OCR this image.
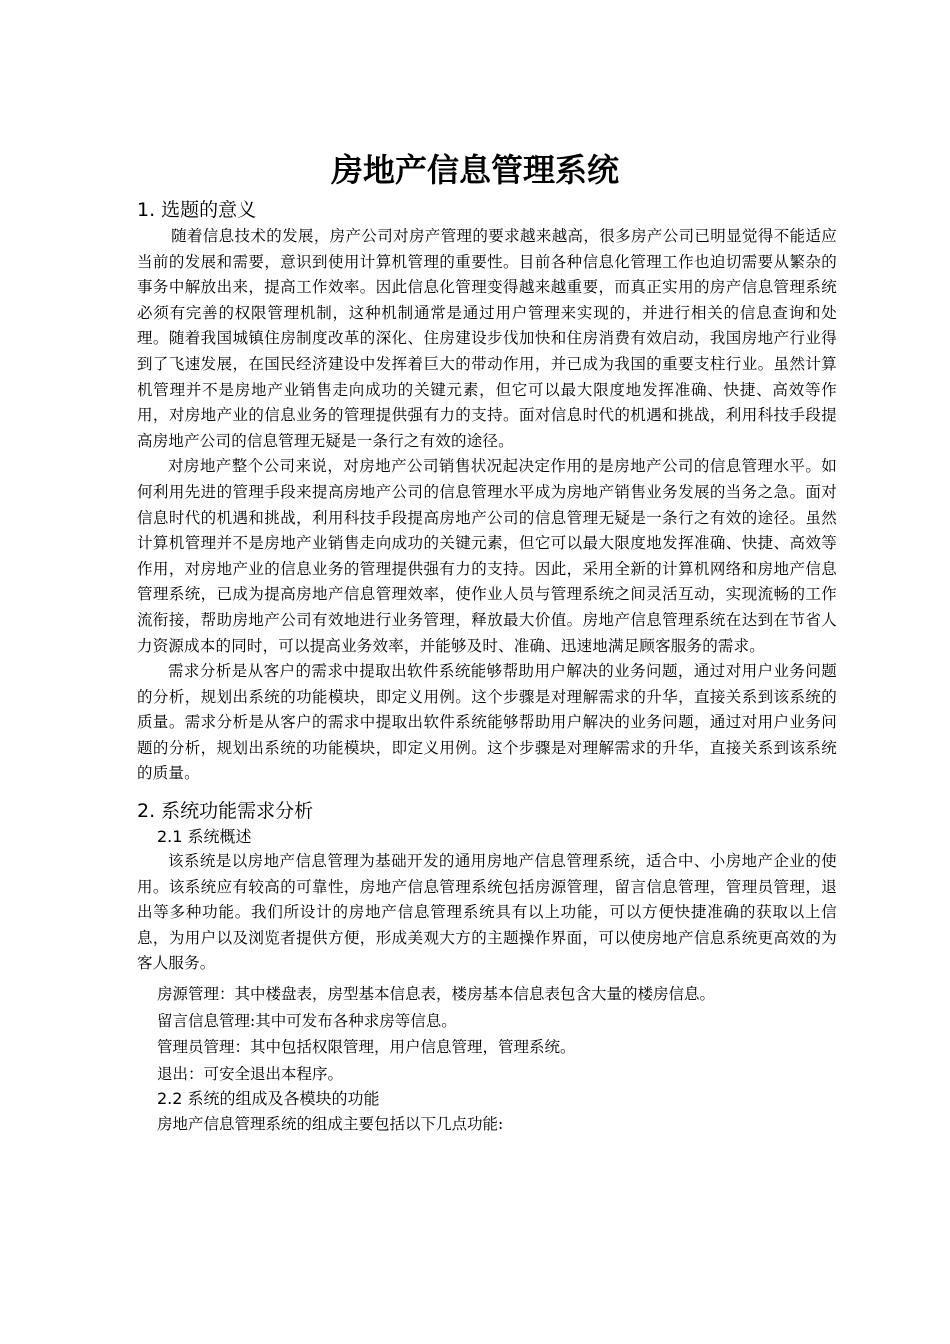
房地产信息管理系统
1. 选题的意义

随着信息技术的发展，房产公司对房产管理的要求越来越高，很多房产公司已明显觉得不能适应当前的发展和需要，意识到使用计算机管理的重要性。目前各种信息化管理工作也迫切需要从繁杂的事务中解放出来，提高工作效率。因此信息化管理变得越来越重要，而真正实用的房产信息管理系统必须有完善的权限管理机制，这种机制通常是通过用户管理来实现的，并进行相关的信息查询和处理。随着我国城镇住房制度改革的深化、住房建设步伐加快和住房消费有效启动，我国房地产行业得到了飞速发展，在国民经济建设中发挥着巨大的带动作用，并已成为我国的重要支柱行业。虽然计算机管理并不是房地产业销售走向成功的关键元素，但它可以最大限度地发挥准确、快捷、高效等作用，对房地产业的信息业务的管理提供强有力的支持。面对信息时代的机遇和挑战，利用科技手段提高房地产公司的信息管理无疑是一条行之有效的途径。

对房地产整个公司来说，对房地产公司销售状况起决定作用的是房地产公司的信息管理水平。如何利用先进的管理手段来提高房地产公司的信息管理水平成为房地产销售业务发展的当务之急。面对信息时代的机遇和挑战，利用科技手段提高房地产公司的信息管理无疑是一条行之有效的途径。虽然计算机管理并不是房地产业销售走向成功的关键元素，但它可以最大限度地发挥准确、快捷、高效等作用，对房地产业的信息业务的管理提供强有力的支持。因此，采用全新的计算机网络和房地产信息管理系统，已成为提高房地产信息管理效率，使作业人员与管理系统之间灵活互动，实现流畅的工作流衔接，帮助房地产公司有效地进行业务管理，释放最大价值。房地产信息管理系统在达到在节省人力资源成本的同时，可以提高业务效率，并能够及时、准确、迅速地满足顾客服务的需求。

需求分析是从客户的需求中提取出软件系统能够帮助用户解决的业务问题，通过对用户业务问题的分析，规划出系统的功能模块，即定义用例。这个步骤是对理解需求的升华，直接关系到该系统的质量。需求分析是从客户的需求中提取出软件系统能够帮助用户解决的业务问题，通过对用户业务问题的分析，规划出系统的功能模块，即定义用例。这个步骤是对理解需求的升华，直接关系到该系统的质量。

2. 系统功能需求分析
2.1 系统概述

该系统是以房地产信息管理为基础开发的通用房地产信息管理系统，适合中、小房地产企业的使用。该系统应有较高的可靠性，房地产信息管理系统包括房源管理，留言信息管理，管理员管理，退出等多种功能。我们所设计的房地产信息管理系统具有以上功能，可以方便快捷准确的获取以上信息，为用户以及浏览者提供方便，形成美观大方的主题操作界面，可以使房地产信息系统更高效的为客人服务。

房源管理：其中楼盘表，房型基本信息表，楼房基本信息表包含大量的楼房信息。

留言信息管理:其中可发布各种求房等信息。

管理员管理：其中包括权限管理，用户信息管理，管理系统。

退出：可安全退出本程序。

2.2 系统的组成及各模块的功能

房地产信息管理系统的组成主要包括以下几点功能:
